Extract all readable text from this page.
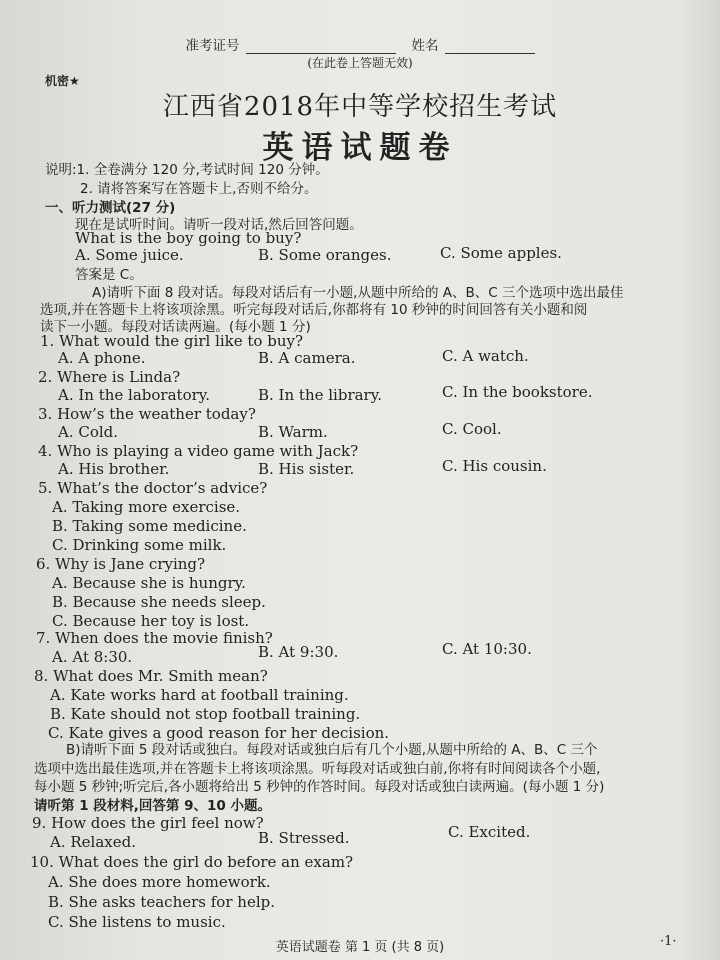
准考证号	姓名
(在此卷上答题无效)
机密★
江西省2018年中等学校招生考试
英语试题卷
说明:1. 全卷满分 120 分,考试时间 120 分钟。
2. 请将答案写在答题卡上,否则不给分。
一、听力测试(27 分)
现在是试听时间。请听一段对话,然后回答问题。
What is the boy going to buy?
A. Some juice.	B. Some oranges.	C. Some apples.
答案是 C。
A)请听下面 8 段对话。每段对话后有一小题,从题中所给的 A、B、C 三个选项中选出最佳
选项,并在答题卡上将该项涂黑。听完每段对话后,你都将有 10 秒钟的时间回答有关小题和阅
读下一小题。每段对话读两遍。(每小题 1 分)
1. What would the girl like to buy?
A. A phone.	B. A camera.	C. A watch.
2. Where is Linda?
A. In the laboratory.	B. In the library.	C. In the bookstore.
3. How’s the weather today?
A. Cold.	B. Warm.	C. Cool.
4. Who is playing a video game with Jack?
A. His brother.	B. His sister.	C. His cousin.
5. What’s the doctor’s advice?
A. Taking more exercise.
B. Taking some medicine.
C. Drinking some milk.
6. Why is Jane crying?
A. Because she is hungry.
B. Because she needs sleep.
C. Because her toy is lost.
7. When does the movie finish?
A. At 8:30.	B. At 9:30.	C. At 10:30.
8. What does Mr. Smith mean?
A. Kate works hard at football training.
B. Kate should not stop football training.
C. Kate gives a good reason for her decision.
B)请听下面 5 段对话或独白。每段对话或独白后有几个小题,从题中所给的 A、B、C 三个
选项中选出最佳选项,并在答题卡上将该项涂黑。听每段对话或独白前,你将有时间阅读各个小题,
每小题 5 秒钟;听完后,各小题将给出 5 秒钟的作答时间。每段对话或独白读两遍。(每小题 1 分)
请听第 1 段材料,回答第 9、10 小题。
9. How does the girl feel now?
A. Relaxed.	B. Stressed.	C. Excited.
10. What does the girl do before an exam?
A. She does more homework.
B. She asks teachers for help.
C. She listens to music.
英语试题卷 第 1 页 (共 8 页)	·1·
